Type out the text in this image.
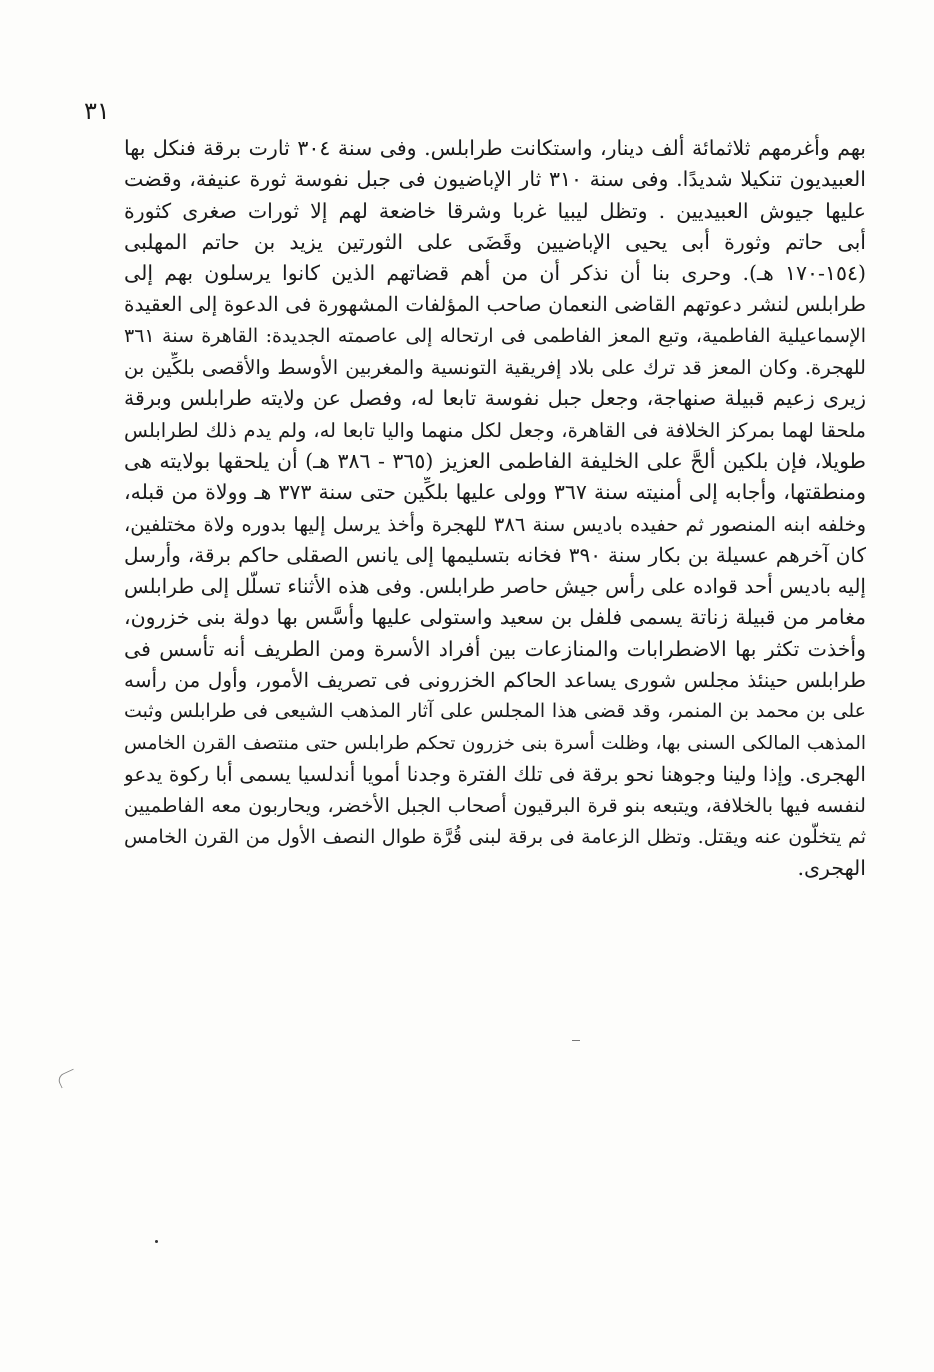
٣١
بهم وأغرمهم ثلاثمائة ألف دينار، واستكانت طرابلس. وفى سنة ٣٠٤ ثارت برقة فنكل بها
العبيديون تنكيلا شديدًا. وفى سنة ٣١٠ ثار الإباضيون فى جبل نفوسة ثورة عنيفة، وقضت
عليها جيوش العبيديين . وتظل ليبيا غربا وشرقا خاضعة لهم إلا ثورات صغرى كثورة
أبى حاتم وثورة أبى يحيى الإباضيين وقَضَى على الثورتين يزيد بن حاتم المهلبى
(١٥٤-١٧٠ هـ). وحرى بنا أن نذكر أن من أهم قضاتهم الذين كانوا يرسلون بهم إلى
طرابلس لنشر دعوتهم القاضى النعمان صاحب المؤلفات المشهورة فى الدعوة إلى العقيدة
الإسماعيلية الفاطمية، وتبع المعز الفاطمى فى ارتحاله إلى عاصمته الجديدة: القاهرة سنة ٣٦١
للهجرة. وكان المعز قد ترك على بلاد إفريقية التونسية والمغربين الأوسط والأقصى بلكِّين بن
زيرى زعيم قبيلة صنهاجة، وجعل جبل نفوسة تابعا له، وفصل عن ولايته طرابلس وبرقة
ملحقا لهما بمركز الخلافة فى القاهرة، وجعل لكل منهما واليا تابعا له، ولم يدم ذلك لطرابلس
طويلا، فإن بلكين ألحَّ على الخليفة الفاطمى العزيز (٣٦٥ - ٣٨٦ هـ) أن يلحقها بولايته هى
ومنطقتها، وأجابه إلى أمنيته سنة ٣٦٧ وولى عليها بلكِّين حتى سنة ٣٧٣ هـ وولاة من قبله،
وخلفه ابنه المنصور ثم حفيده باديس سنة ٣٨٦ للهجرة وأخذ يرسل إليها بدوره ولاة مختلفين،
كان آخرهم عسيلة بن بكار سنة ٣٩٠ فخانه بتسليمها إلى يانس الصقلى حاكم برقة، وأرسل
إليه باديس أحد قواده على رأس جيش حاصر طرابلس. وفى هذه الأثناء تسلَّل إلى طرابلس
مغامر من قبيلة زناتة يسمى فلفل بن سعيد واستولى عليها وأسَّس بها دولة بنى خزرون،
وأخذت تكثر بها الاضطرابات والمنازعات بين أفراد الأسرة ومن الطريف أنه تأسس فى
طرابلس حينئذ مجلس شورى يساعد الحاكم الخزرونى فى تصريف الأمور، وأول من رأسه
على بن محمد بن المنمر، وقد قضى هذا المجلس على آثار المذهب الشيعى فى طرابلس وثبت
المذهب المالكى السنى بها، وظلت أسرة بنى خزرون تحكم طرابلس حتى منتصف القرن الخامس
الهجرى. وإذا ولينا وجوهنا نحو برقة فى تلك الفترة وجدنا أمويا أندلسيا يسمى أبا ركوة يدعو
لنفسه فيها بالخلافة، ويتبعه بنو قرة البرقيون أصحاب الجبل الأخضر، ويحاربون معه الفاطميين
ثم يتخلَّون عنه ويقتل. وتظل الزعامة فى برقة لبنى قُرَّة طوال النصف الأول من القرن الخامس
الهجرى.
